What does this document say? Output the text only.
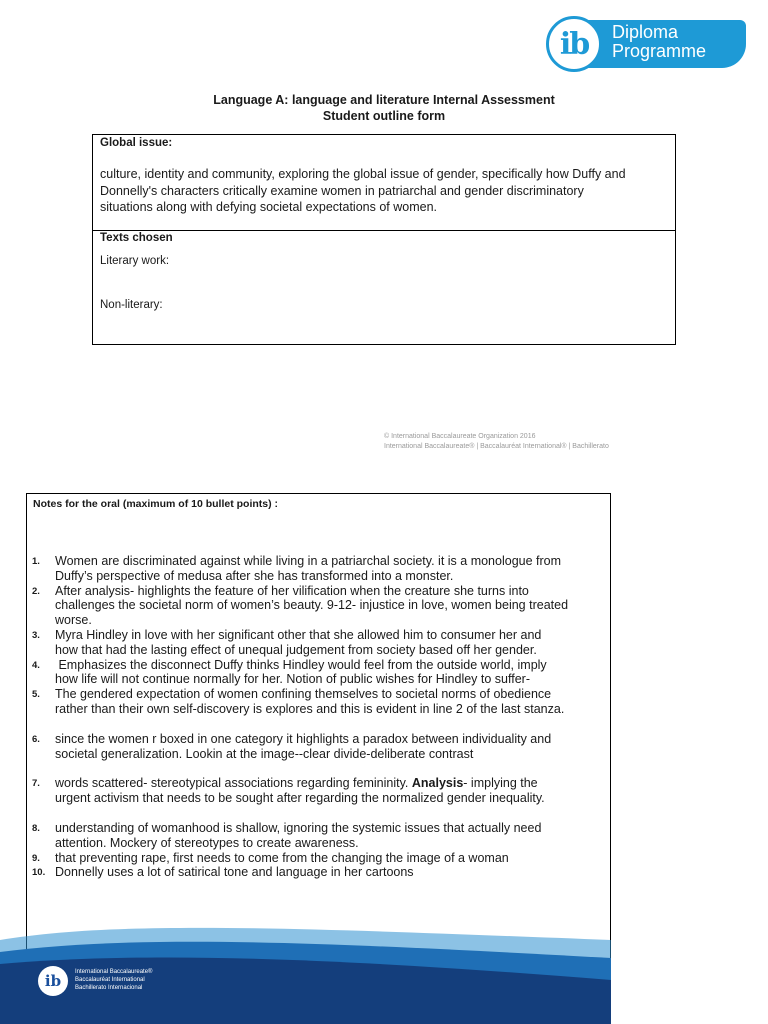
ib Diploma
Programme
Language A: language and literature Internal Assessment
Student outline form
Global issue:
culture, identity and community, exploring the global issue of gender, specifically how Duffy and
Donnelly's characters critically examine women in patriarchal and gender discriminatory
situations along with defying societal expectations of women.
Texts chosen
Literary work:
Non-literary:
© International Baccalaureate Organization 2016
International Baccalaureate® | Baccalauréat International® | Bachillerato
Notes for the oral (maximum of 10 bullet points) :
1. Women are discriminated against while living in a patriarchal society. it is a monologue from
Duffy’s perspective of medusa after she has transformed into a monster.
2. After analysis- highlights the feature of her vilification when the creature she turns into
challenges the societal norm of women’s beauty. 9-12- injustice in love, women being treated
worse.
3. Myra Hindley in love with her significant other that she allowed him to consumer her and
how that had the lasting effect of unequal judgement from society based off her gender.
4. Emphasizes the disconnect Duffy thinks Hindley would feel from the outside world, imply
how life will not continue normally for her. Notion of public wishes for Hindley to suffer-
5. The gendered expectation of women confining themselves to societal norms of obedience
rather than their own self-discovery is explores and this is evident in line 2 of the last stanza.
6. since the women r boxed in one category it highlights a paradox between individuality and
societal generalization. Lookin at the image--clear divide-deliberate contrast
7. words scattered- stereotypical associations regarding femininity. Analysis- implying the
urgent activism that needs to be sought after regarding the normalized gender inequality.
8. understanding of womanhood is shallow, ignoring the systemic issues that actually need
attention. Mockery of stereotypes to create awareness.
9. that preventing rape, first needs to come from the changing the image of a woman
10. Donnelly uses a lot of satirical tone and language in her cartoons
ib International Baccalaureate®
Baccalauréat International
Bachillerato Internacional
